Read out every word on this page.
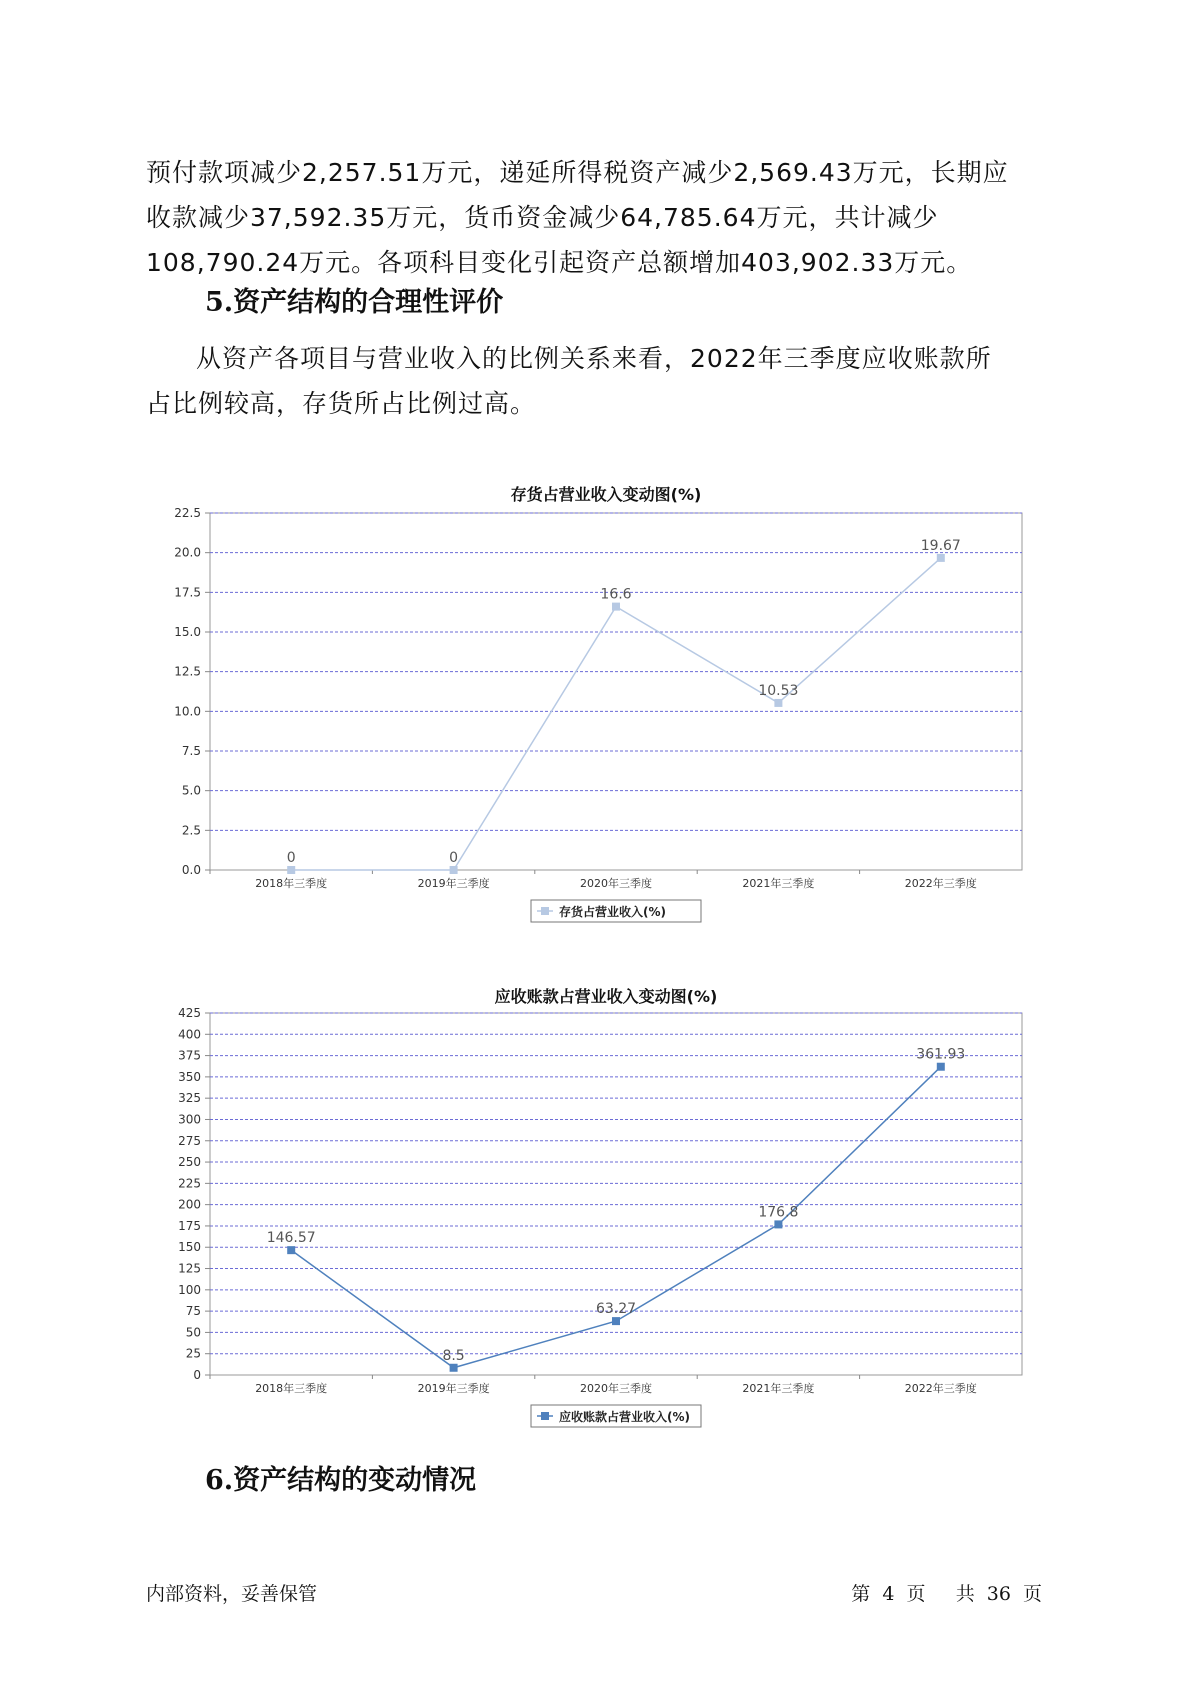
预付款项减少2,257.51万元，递延所得税资产减少2,569.43万元，长期应
收款减少37,592.35万元，货币资金减少64,785.64万元，共计减少
108,790.24万元。各项科目变化引起资产总额增加403,902.33万元。
5.资产结构的合理性评价
从资产各项目与营业收入的比例关系来看，2022年三季度应收账款所
占比例较高，存货所占比例过高。
存货占营业收入变动图(%)
0.0
2.5
5.0
7.5
10.0
12.5
15.0
17.5
20.0
22.5
2018年三季度	2019年三季度	2020年三季度	2021年三季度	2022年三季度
0	0
16.6
10.53
19.67
存货占营业收入(%)
应收账款占营业收入变动图(%)
0
25
50
75
100
125
150
175
200
225
250
275
300
325
350
375
400
425
2018年三季度	2019年三季度	2020年三季度	2021年三季度	2022年三季度
146.57
8.5
63.27
176.8
361.93
应收账款占营业收入(%)
6.资产结构的变动情况
内部资料，妥善保管	第 4 页 共 36 页
